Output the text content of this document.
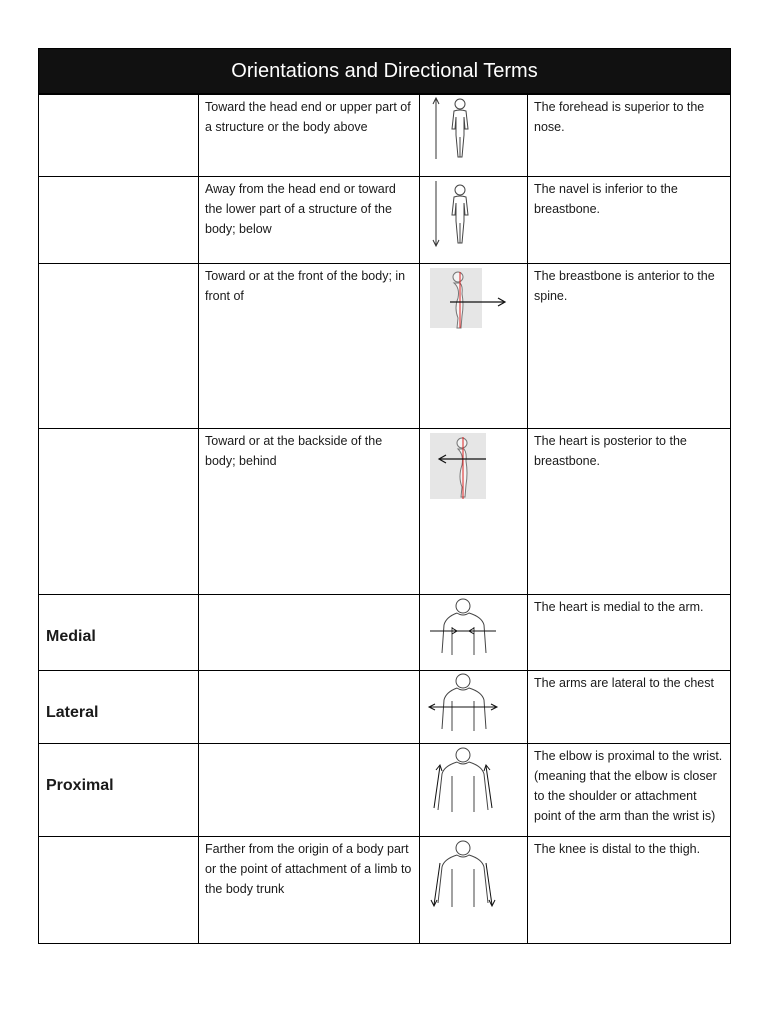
Orientations and Directional Terms
	Toward the head end or upper part of a structure or the body above		The forehead is superior to the nose.

	Away from the head end or toward the lower part of a structure of the body; below		The navel is inferior to the breastbone.

	Toward or at the front of the body; in front of		The breastbone is anterior to the spine.

	Toward or at the backside of the body; behind		The heart is posterior to the breastbone.

Medial			The heart is medial to the arm.

Lateral			The arms are lateral to the chest

Proximal			The elbow is proximal to the wrist. (meaning that the elbow is closer to the shoulder or attachment point of the arm than the wrist is)

	Farther from the origin of a body part or the point of attachment of a limb to the body trunk		The knee is distal to the thigh.
